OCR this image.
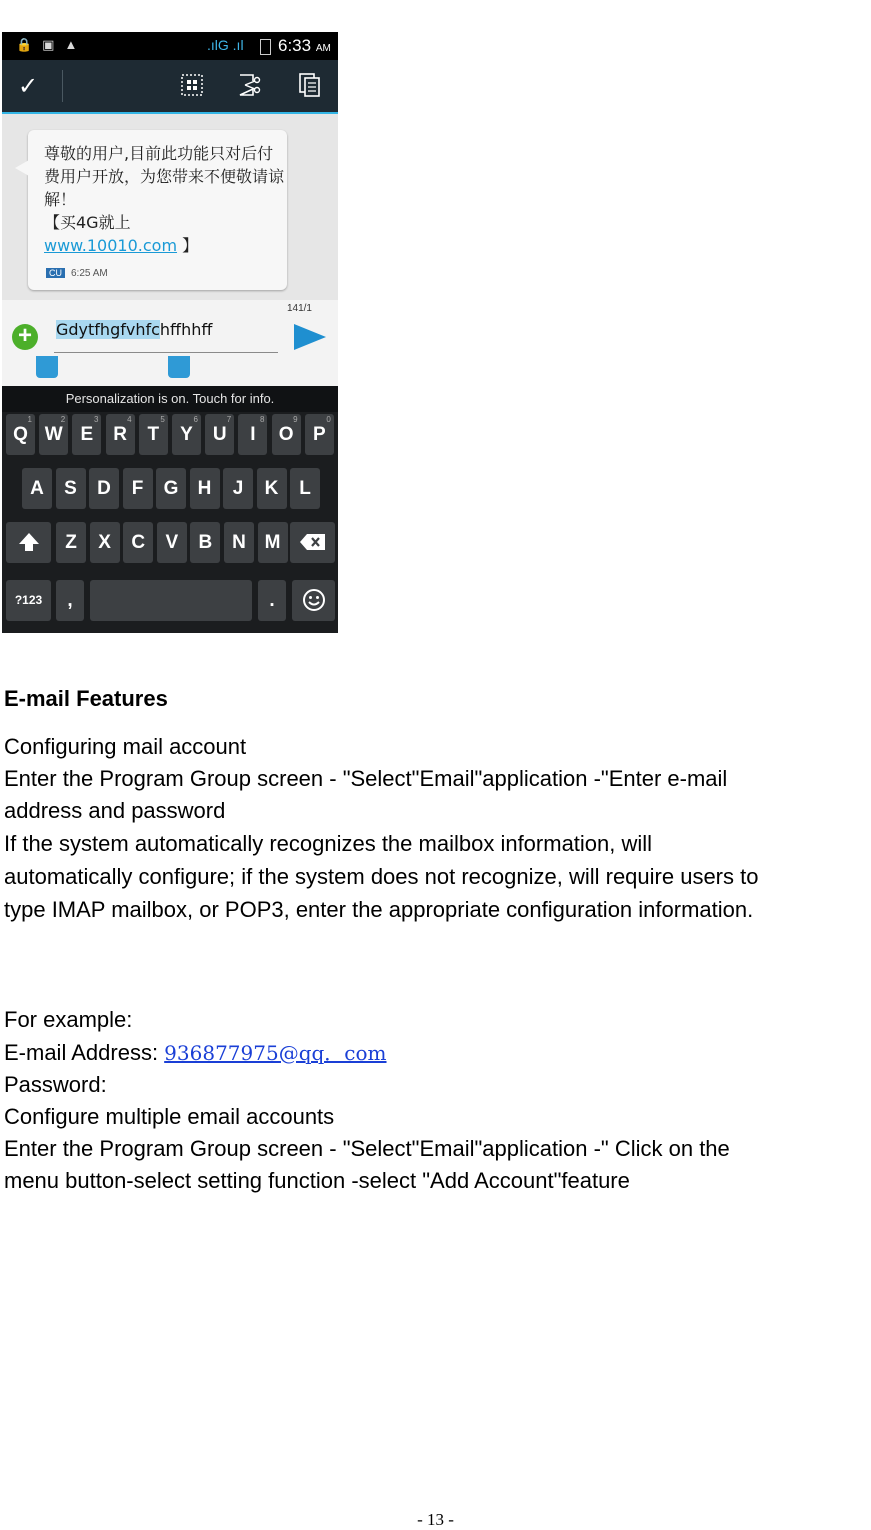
🔒▣▲	.ılG .ıl 6:33 AM
✓
尊敬的用户,目前此功能只对后付费用户开放，为您带来不便敬请谅解！
【买4G就上
www.10010.com 】
CU 6:25 AM
141/1
+	Gdytfhgfvhfchffhhff
Personalization is on. Touch for info.
Q
1
W
2
E
3
R
4
T
5
Y
6
U
7
I
8
O
9
P
0
A	S	D	F	G	H	J	K	L
Z	X	C	V	B	N M
?123	,	.
E-mail Features
Configuring mail account
Enter the Program Group screen - "Select"Email"application -"Enter e-mail
address and password
If the system automatically recognizes the mailbox information, will
automatically configure; if the system does not recognize, will require users to
type IMAP mailbox, or POP3, enter the appropriate configuration information.
For example:
E-mail Address: 936877975@qq．com
Password:
Configure multiple email accounts
Enter the Program Group screen - "Select"Email"application -" Click on the
menu button-select setting function -select "Add Account"feature
- 13 -
